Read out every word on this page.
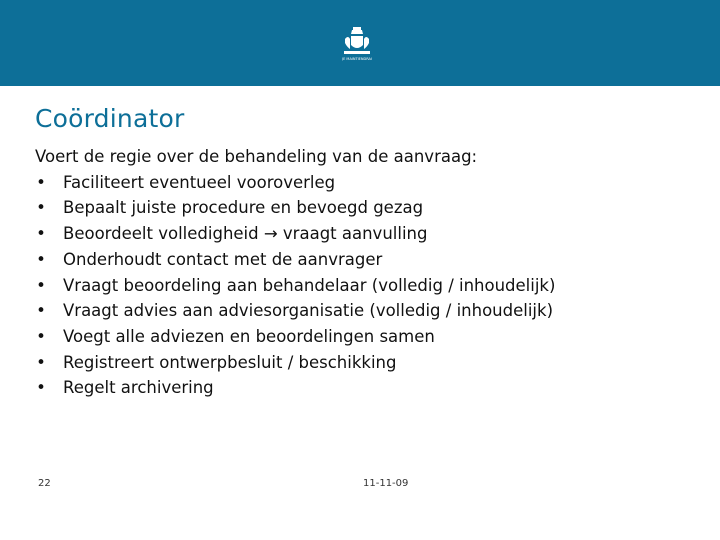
JE MAINTIENDRAI
Coördinator
Voert de regie over de behandeling van de aanvraag:
• Faciliteert eventueel vooroverleg
• Bepaalt juiste procedure en bevoegd gezag
• Beoordeelt volledigheid → vraagt aanvulling
• Onderhoudt contact met de aanvrager
• Vraagt beoordeling aan behandelaar (volledig / inhoudelijk)
• Vraagt advies aan adviesorganisatie (volledig / inhoudelijk)
• Voegt alle adviezen en beoordelingen samen
• Registreert ontwerpbesluit / beschikking
• Regelt archivering
22	11-11-09
